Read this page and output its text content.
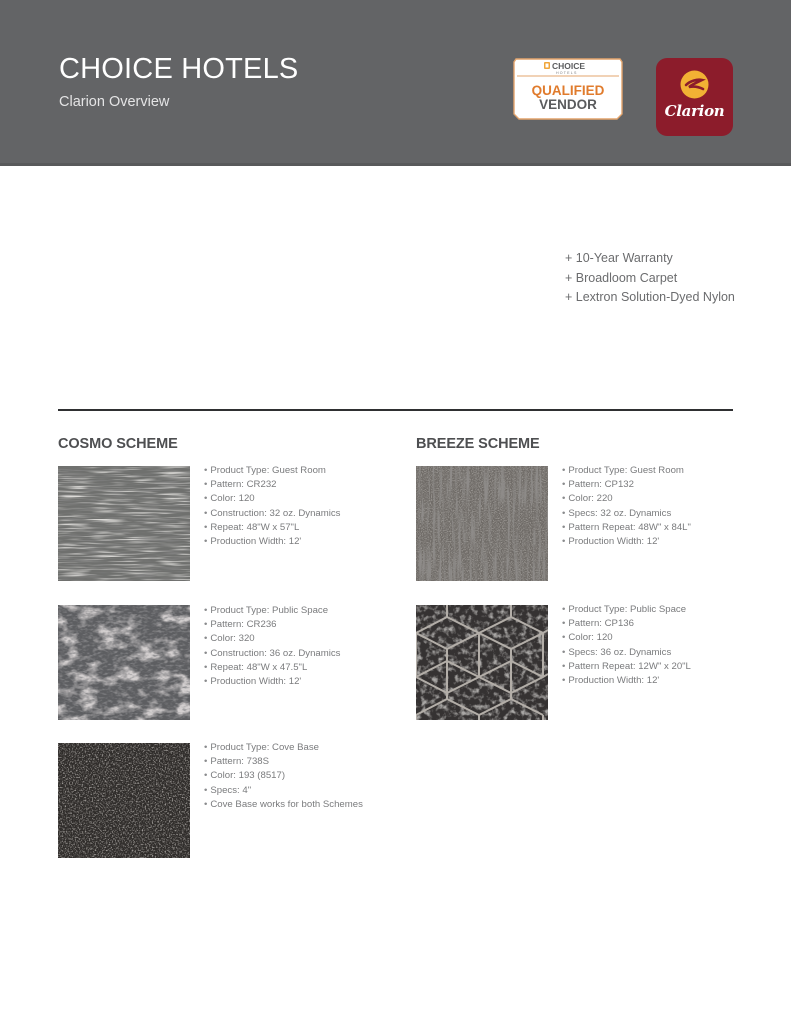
CHOICE HOTELS
Clarion Overview
CHOICE
HOTELS
QUALIFIED
VENDOR	Clarion
+ 10-Year Warranty
+ Broadloom Carpet
+ Lextron Solution-Dyed Nylon
COSMO SCHEME
• Product Type: Guest Room
• Pattern: CR232
• Color: 120
• Construction: 32 oz. Dynamics
• Repeat: 48"W x 57"L
• Production Width: 12'
• Product Type: Public Space
• Pattern: CR236
• Color: 320
• Construction: 36 oz. Dynamics
• Repeat: 48"W x 47.5"L
• Production Width: 12'
• Product Type: Cove Base
• Pattern: 738S
• Color: 193 (8517)
• Specs: 4"
• Cove Base works for both Schemes
BREEZE SCHEME
• Product Type: Guest Room
• Pattern: CP132
• Color: 220
• Specs: 32 oz. Dynamics
• Pattern Repeat: 48W" x 84L"
• Production Width: 12'
• Product Type: Public Space
• Pattern: CP136
• Color: 120
• Specs: 36 oz. Dynamics
• Pattern Repeat: 12W" x 20"L
• Production Width: 12'
